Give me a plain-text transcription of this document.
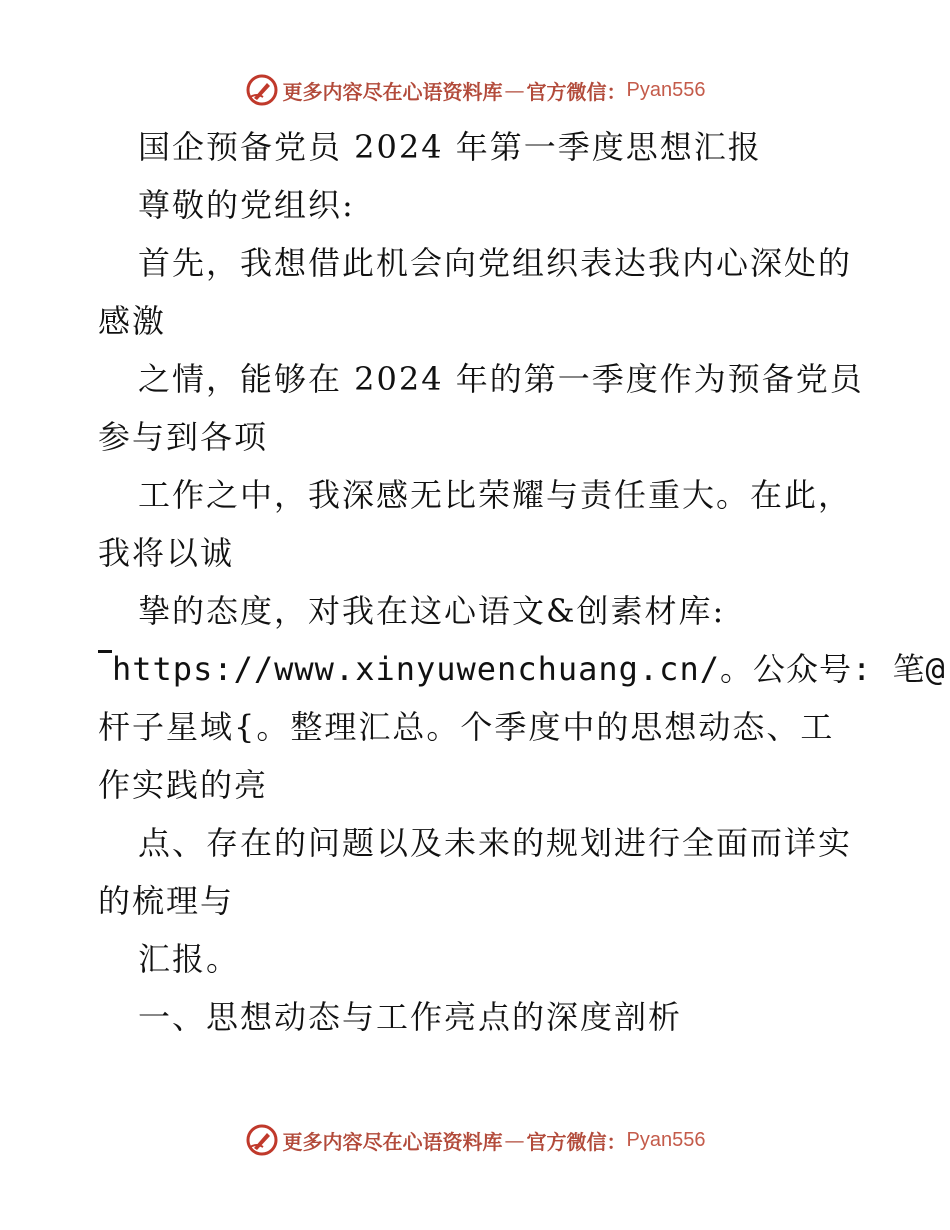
更多内容尽在心语资料库 — 官方微信： Pyan556
国企预备党员 2024 年第一季度思想汇报
尊敬的党组织:
首先，我想借此机会向党组织表达我内心深处的
感激
之情，能够在 2024 年的第一季度作为预备党员
参与到各项
工作之中，我深感无比荣耀与责任重大。在此，
我将以诚
挚的态度，对我在这心语文&创素材库:
https://www.xinyuwenchuang.cn/。公众号: 笔@
杆子星域{。整理汇总。个季度中的思想动态、工
作实践的亮
点、存在的问题以及未来的规划进行全面而详实
的梳理与
汇报。
一、思想动态与工作亮点的深度剖析
更多内容尽在心语资料库 — 官方微信： Pyan556
